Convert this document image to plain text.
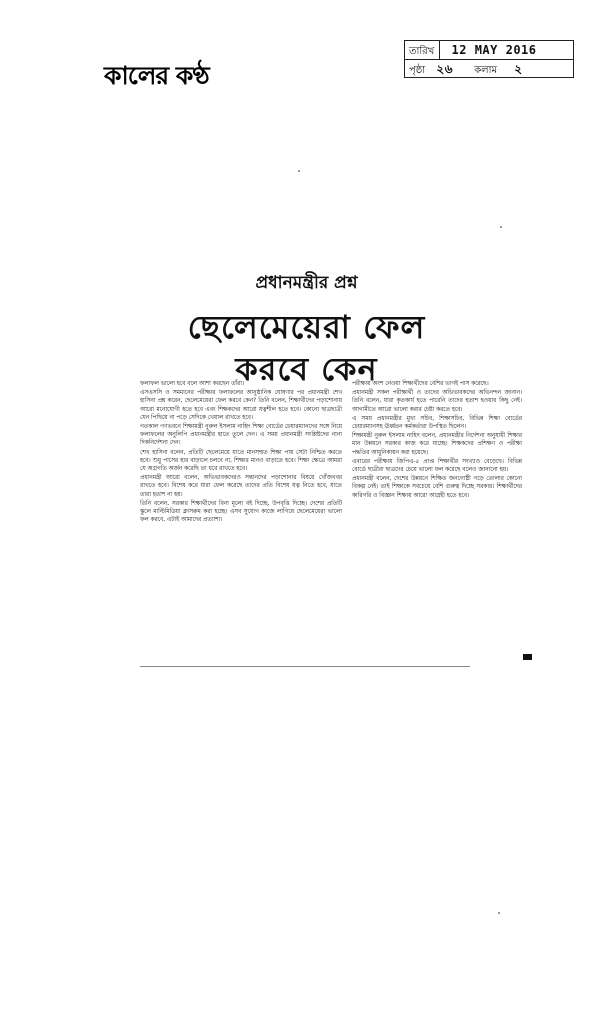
কালের কণ্ঠ
তারিখ 12 MAY 2016
পৃষ্ঠা ২৬ কলাম ২
প্রধানমন্ত্রীর প্রশ্ন
ছেলেমেয়েরা ফেল
করবে কেন

ফলাফল ভালো হবে বলে আশা করছেন তাঁরা।

এসএসসি ও সমমানের পরীক্ষার ফলাফলের আনুষ্ঠানিক ঘোষণার পর প্রধানমন্ত্রী শেখ হাসিনা প্রশ্ন করেন, ছেলেমেয়েরা ফেল করবে কেন? তিনি বলেন, শিক্ষার্থীদের পড়াশোনায় আরো মনোযোগী হতে হবে এবং শিক্ষকদের আরো যত্নশীল হতে হবে। কোনো ছাত্রছাত্রী যেন পিছিয়ে না পড়ে সেদিকে খেয়াল রাখতে হবে।

গতকাল গণভবনে শিক্ষামন্ত্রী নুরুল ইসলাম নাহিদ শিক্ষা বোর্ডের চেয়ারম্যানদের সঙ্গে নিয়ে ফলাফলের অনুলিপি প্রধানমন্ত্রীর হাতে তুলে দেন। এ সময় প্রধানমন্ত্রী সংশ্লিষ্টদের নানা দিকনির্দেশনা দেন।

শেখ হাসিনা বলেন, প্রতিটি ছেলেমেয়ে যাতে মানসম্মত শিক্ষা পায় সেটা নিশ্চিত করতে হবে। শুধু পাসের হার বাড়ালে চলবে না, শিক্ষার মানও বাড়াতে হবে। শিক্ষা ক্ষেত্রে আমরা যে অগ্রগতি অর্জন করেছি তা ধরে রাখতে হবে।

প্রধানমন্ত্রী আরো বলেন, অভিভাবকদেরও সন্তানদের পড়াশোনার বিষয়ে খোঁজখবর রাখতে হবে। বিশেষ করে যারা ফেল করেছে তাদের প্রতি বিশেষ যত্ন নিতে হবে, যাতে তারা হতাশ না হয়।

তিনি বলেন, সরকার শিক্ষার্থীদের বিনা মূল্যে বই দিচ্ছে, উপবৃত্তি দিচ্ছে। দেশের প্রতিটি স্কুলে মাল্টিমিডিয়া ক্লাসরুম করা হচ্ছে। এসব সুযোগ কাজে লাগিয়ে ছেলেমেয়েরা ভালো ফল করবে, এটাই আমাদের প্রত্যাশা।

পরীক্ষায় অংশ নেওয়া শিক্ষার্থীদের বেশির ভাগই পাস করেছে।

প্রধানমন্ত্রী সকল পরীক্ষার্থী ও তাদের অভিভাবকদের অভিনন্দন জানান। তিনি বলেন, যারা কৃতকার্য হতে পারেনি তাদের হতাশ হওয়ার কিছু নেই। আগামীতে আরো ভালো করার চেষ্টা করতে হবে।

এ সময় প্রধানমন্ত্রীর মুখ্য সচিব, শিক্ষাসচিব, বিভিন্ন শিক্ষা বোর্ডের চেয়ারম্যানসহ ঊর্ধ্বতন কর্মকর্তারা উপস্থিত ছিলেন।

শিক্ষামন্ত্রী নুরুল ইসলাম নাহিদ বলেন, প্রধানমন্ত্রীর নির্দেশনা অনুযায়ী শিক্ষার মান উন্নয়নে সরকার কাজ করে যাচ্ছে। শিক্ষকদের প্রশিক্ষণ ও পরীক্ষা পদ্ধতির আধুনিকায়ন করা হয়েছে।

এবারের পরীক্ষায় জিপিএ-৫ প্রাপ্ত শিক্ষার্থীর সংখ্যাও বেড়েছে। বিভিন্ন বোর্ডে ছাত্রীরা ছাত্রদের চেয়ে ভালো ফল করেছে বলেও জানানো হয়।

প্রধানমন্ত্রী বলেন, দেশের উন্নয়নে শিক্ষিত জনগোষ্ঠী গড়ে তোলার কোনো বিকল্প নেই। তাই শিক্ষাকে সবচেয়ে বেশি গুরুত্ব দিচ্ছে সরকার। শিক্ষার্থীদের কারিগরি ও বিজ্ঞান শিক্ষায় আরো আগ্রহী হতে হবে।
